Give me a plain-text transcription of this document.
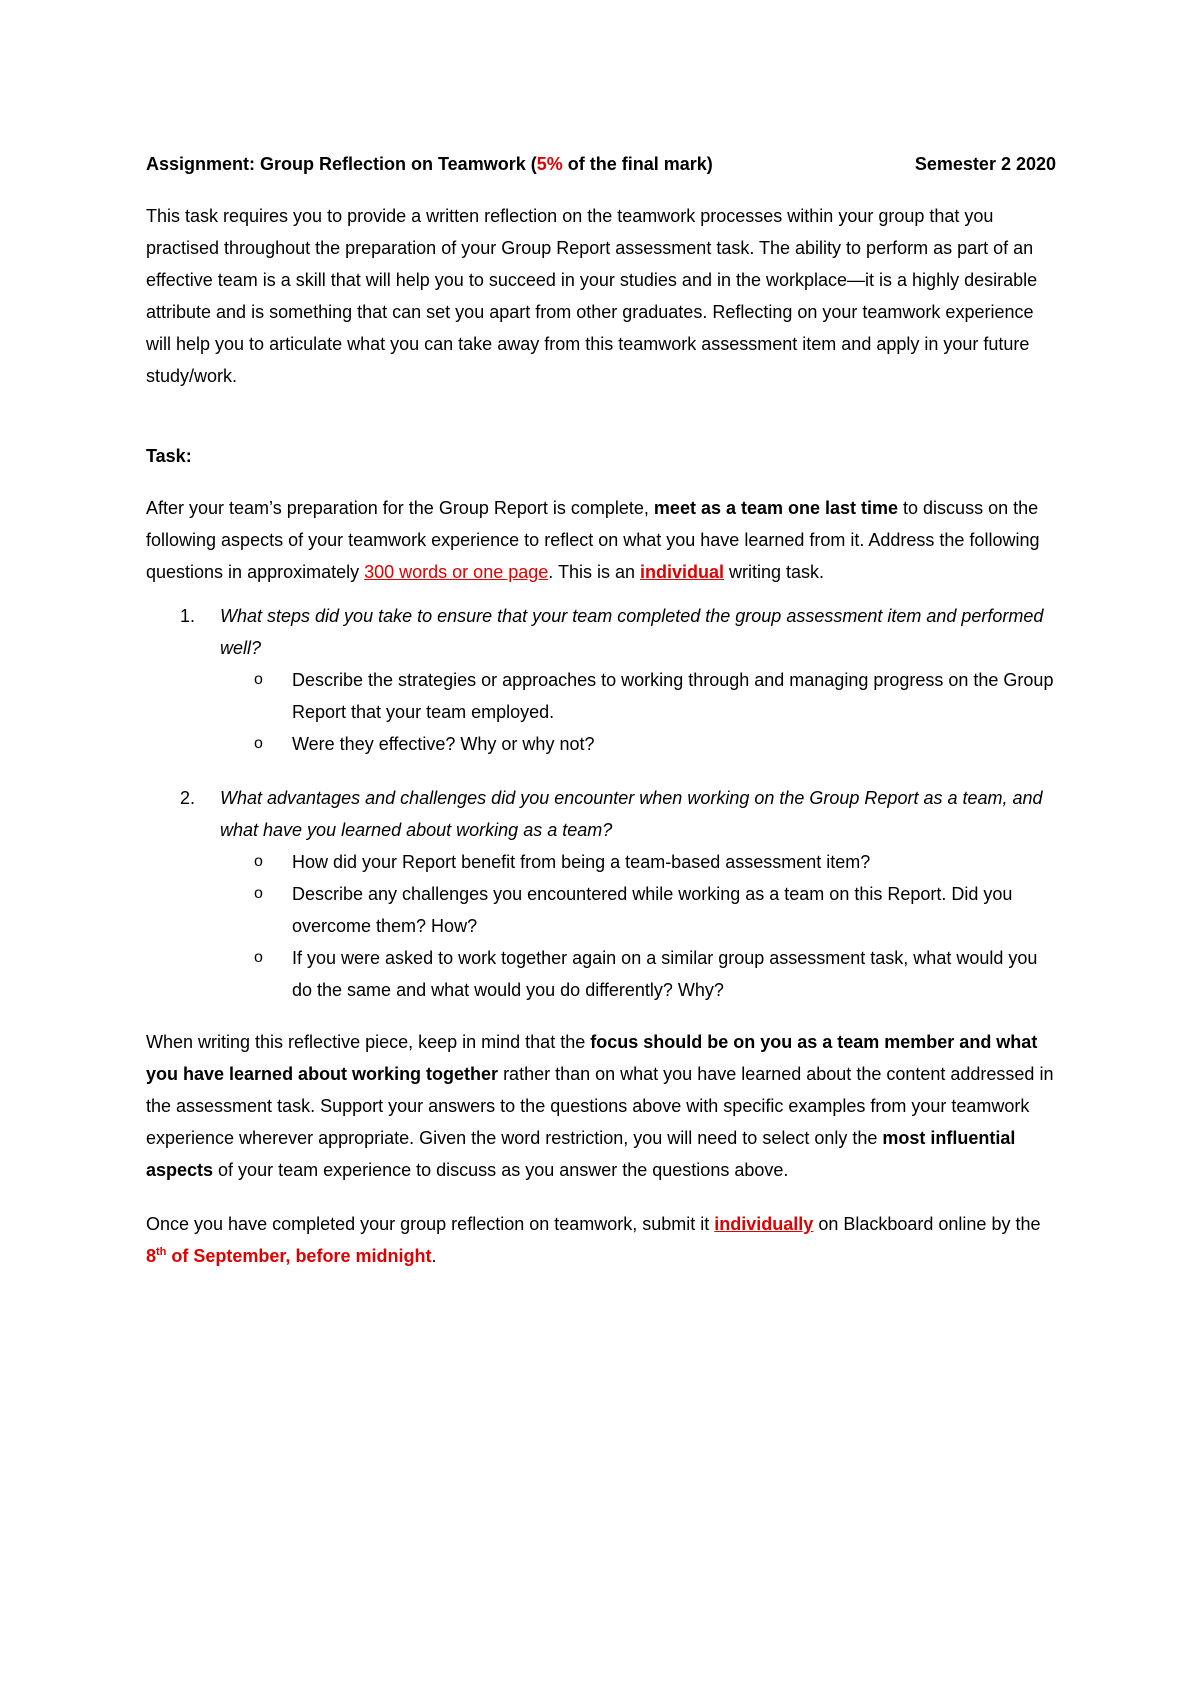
Assignment: Group Reflection on Teamwork (5% of the final mark)	Semester 2 2020

This task requires you to provide a written reflection on the teamwork processes within your group that you practised throughout the preparation of your Group Report assessment task. The ability to perform as part of an effective team is a skill that will help you to succeed in your studies and in the workplace—it is a highly desirable attribute and is something that can set you apart from other graduates. Reflecting on your teamwork experience will help you to articulate what you can take away from this teamwork assessment item and apply in your future study/work.

Task:

After your team’s preparation for the Group Report is complete, meet as a team one last time to discuss on the following aspects of your teamwork experience to reflect on what you have learned from it. Address the following questions in approximately 300 words or one page. This is an individual writing task.

1. What steps did you take to ensure that your team completed the group assessment item and performed well?
o Describe the strategies or approaches to working through and managing progress on the Group Report that your team employed.
o Were they effective? Why or why not?
2. What advantages and challenges did you encounter when working on the Group Report as a team, and what have you learned about working as a team?
o How did your Report benefit from being a team-based assessment item?
o Describe any challenges you encountered while working as a team on this Report. Did you overcome them? How?
o If you were asked to work together again on a similar group assessment task, what would you do the same and what would you do differently? Why?

When writing this reflective piece, keep in mind that the focus should be on you as a team member and what you have learned about working together rather than on what you have learned about the content addressed in the assessment task. Support your answers to the questions above with specific examples from your teamwork experience wherever appropriate. Given the word restriction, you will need to select only the most influential aspects of your team experience to discuss as you answer the questions above.

Once you have completed your group reflection on teamwork, submit it individually on Blackboard online by the 8th of September, before midnight.
